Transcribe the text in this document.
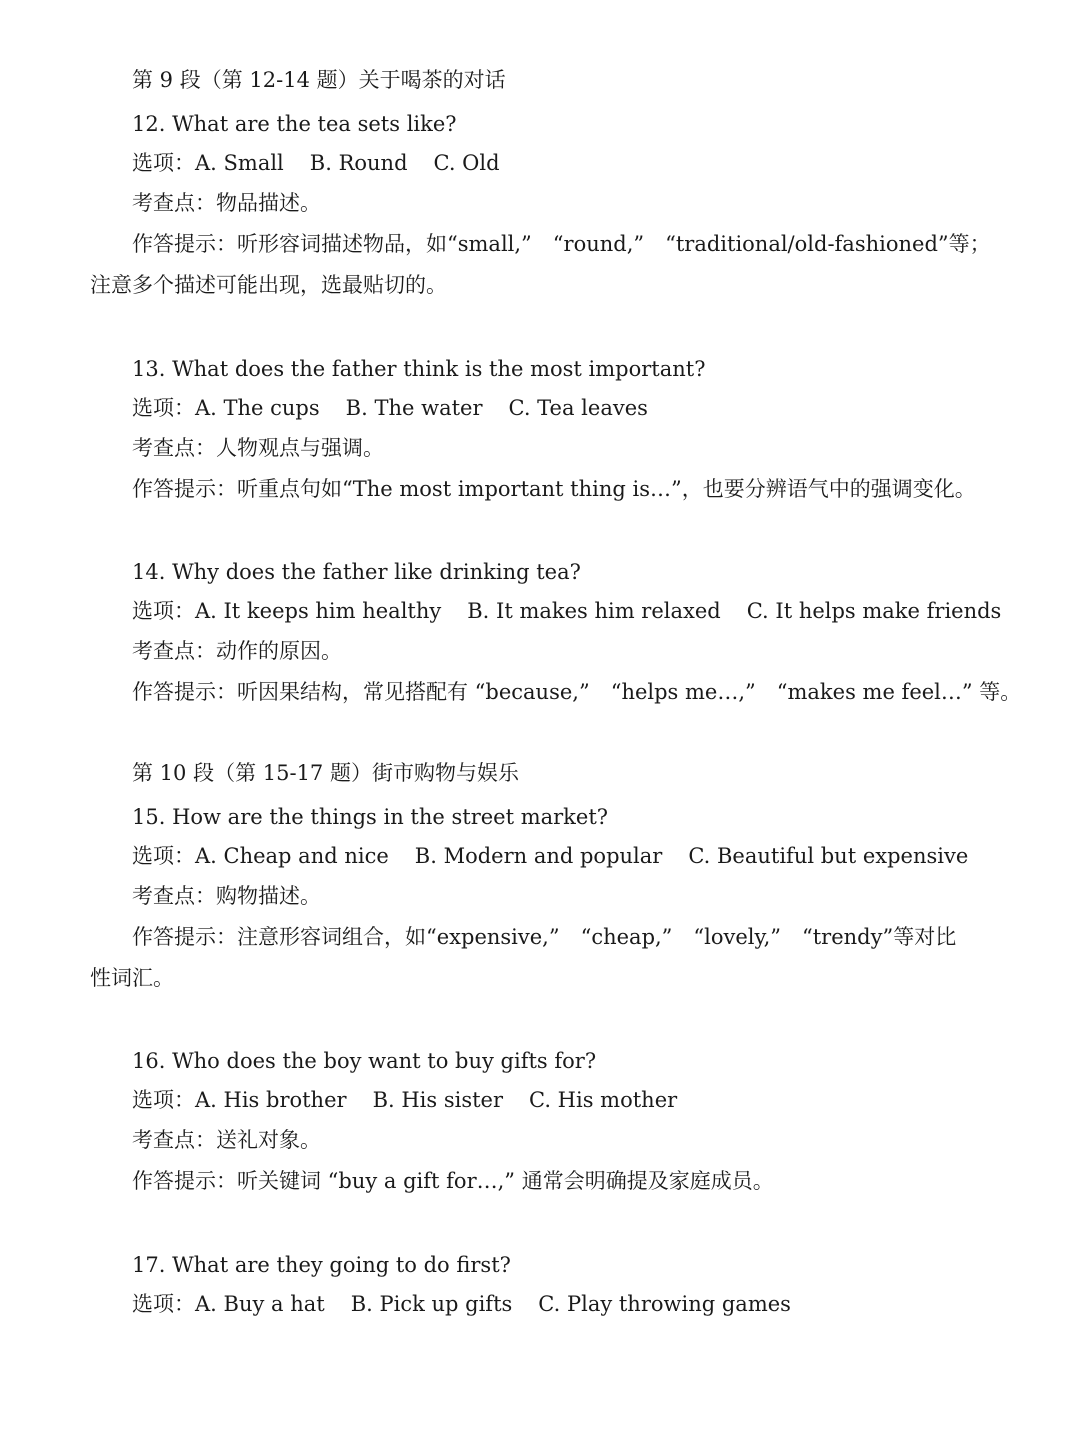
第 9 段（第 12-14 题）关于喝茶的对话
12. What are the tea sets like?
选项：A. Small B. Round C. Old
考查点：物品描述。
作答提示：听形容词描述物品，如“small,”　“round,”　“traditional/old-fashioned”等；
注意多个描述可能出现，选最贴切的。
13. What does the father think is the most important?
选项：A. The cups B. The water C. Tea leaves
考查点：人物观点与强调。
作答提示：听重点句如“The most important thing is…”，也要分辨语气中的强调变化。
14. Why does the father like drinking tea?
选项：A. It keeps him healthy B. It makes him relaxed C. It helps make friends
考查点：动作的原因。
作答提示：听因果结构，常见搭配有 “because,”　“helps me…,”　“makes me feel…” 等。
第 10 段（第 15-17 题）街市购物与娱乐
15. How are the things in the street market?
选项：A. Cheap and nice B. Modern and popular C. Beautiful but expensive
考查点：购物描述。
作答提示：注意形容词组合，如“expensive,”　“cheap,”　“lovely,”　“trendy”等对比
性词汇。
16. Who does the boy want to buy gifts for?
选项：A. His brother B. His sister C. His mother
考查点：送礼对象。
作答提示：听关键词 “buy a gift for…,” 通常会明确提及家庭成员。
17. What are they going to do first?
选项：A. Buy a hat B. Pick up gifts C. Play throwing games
